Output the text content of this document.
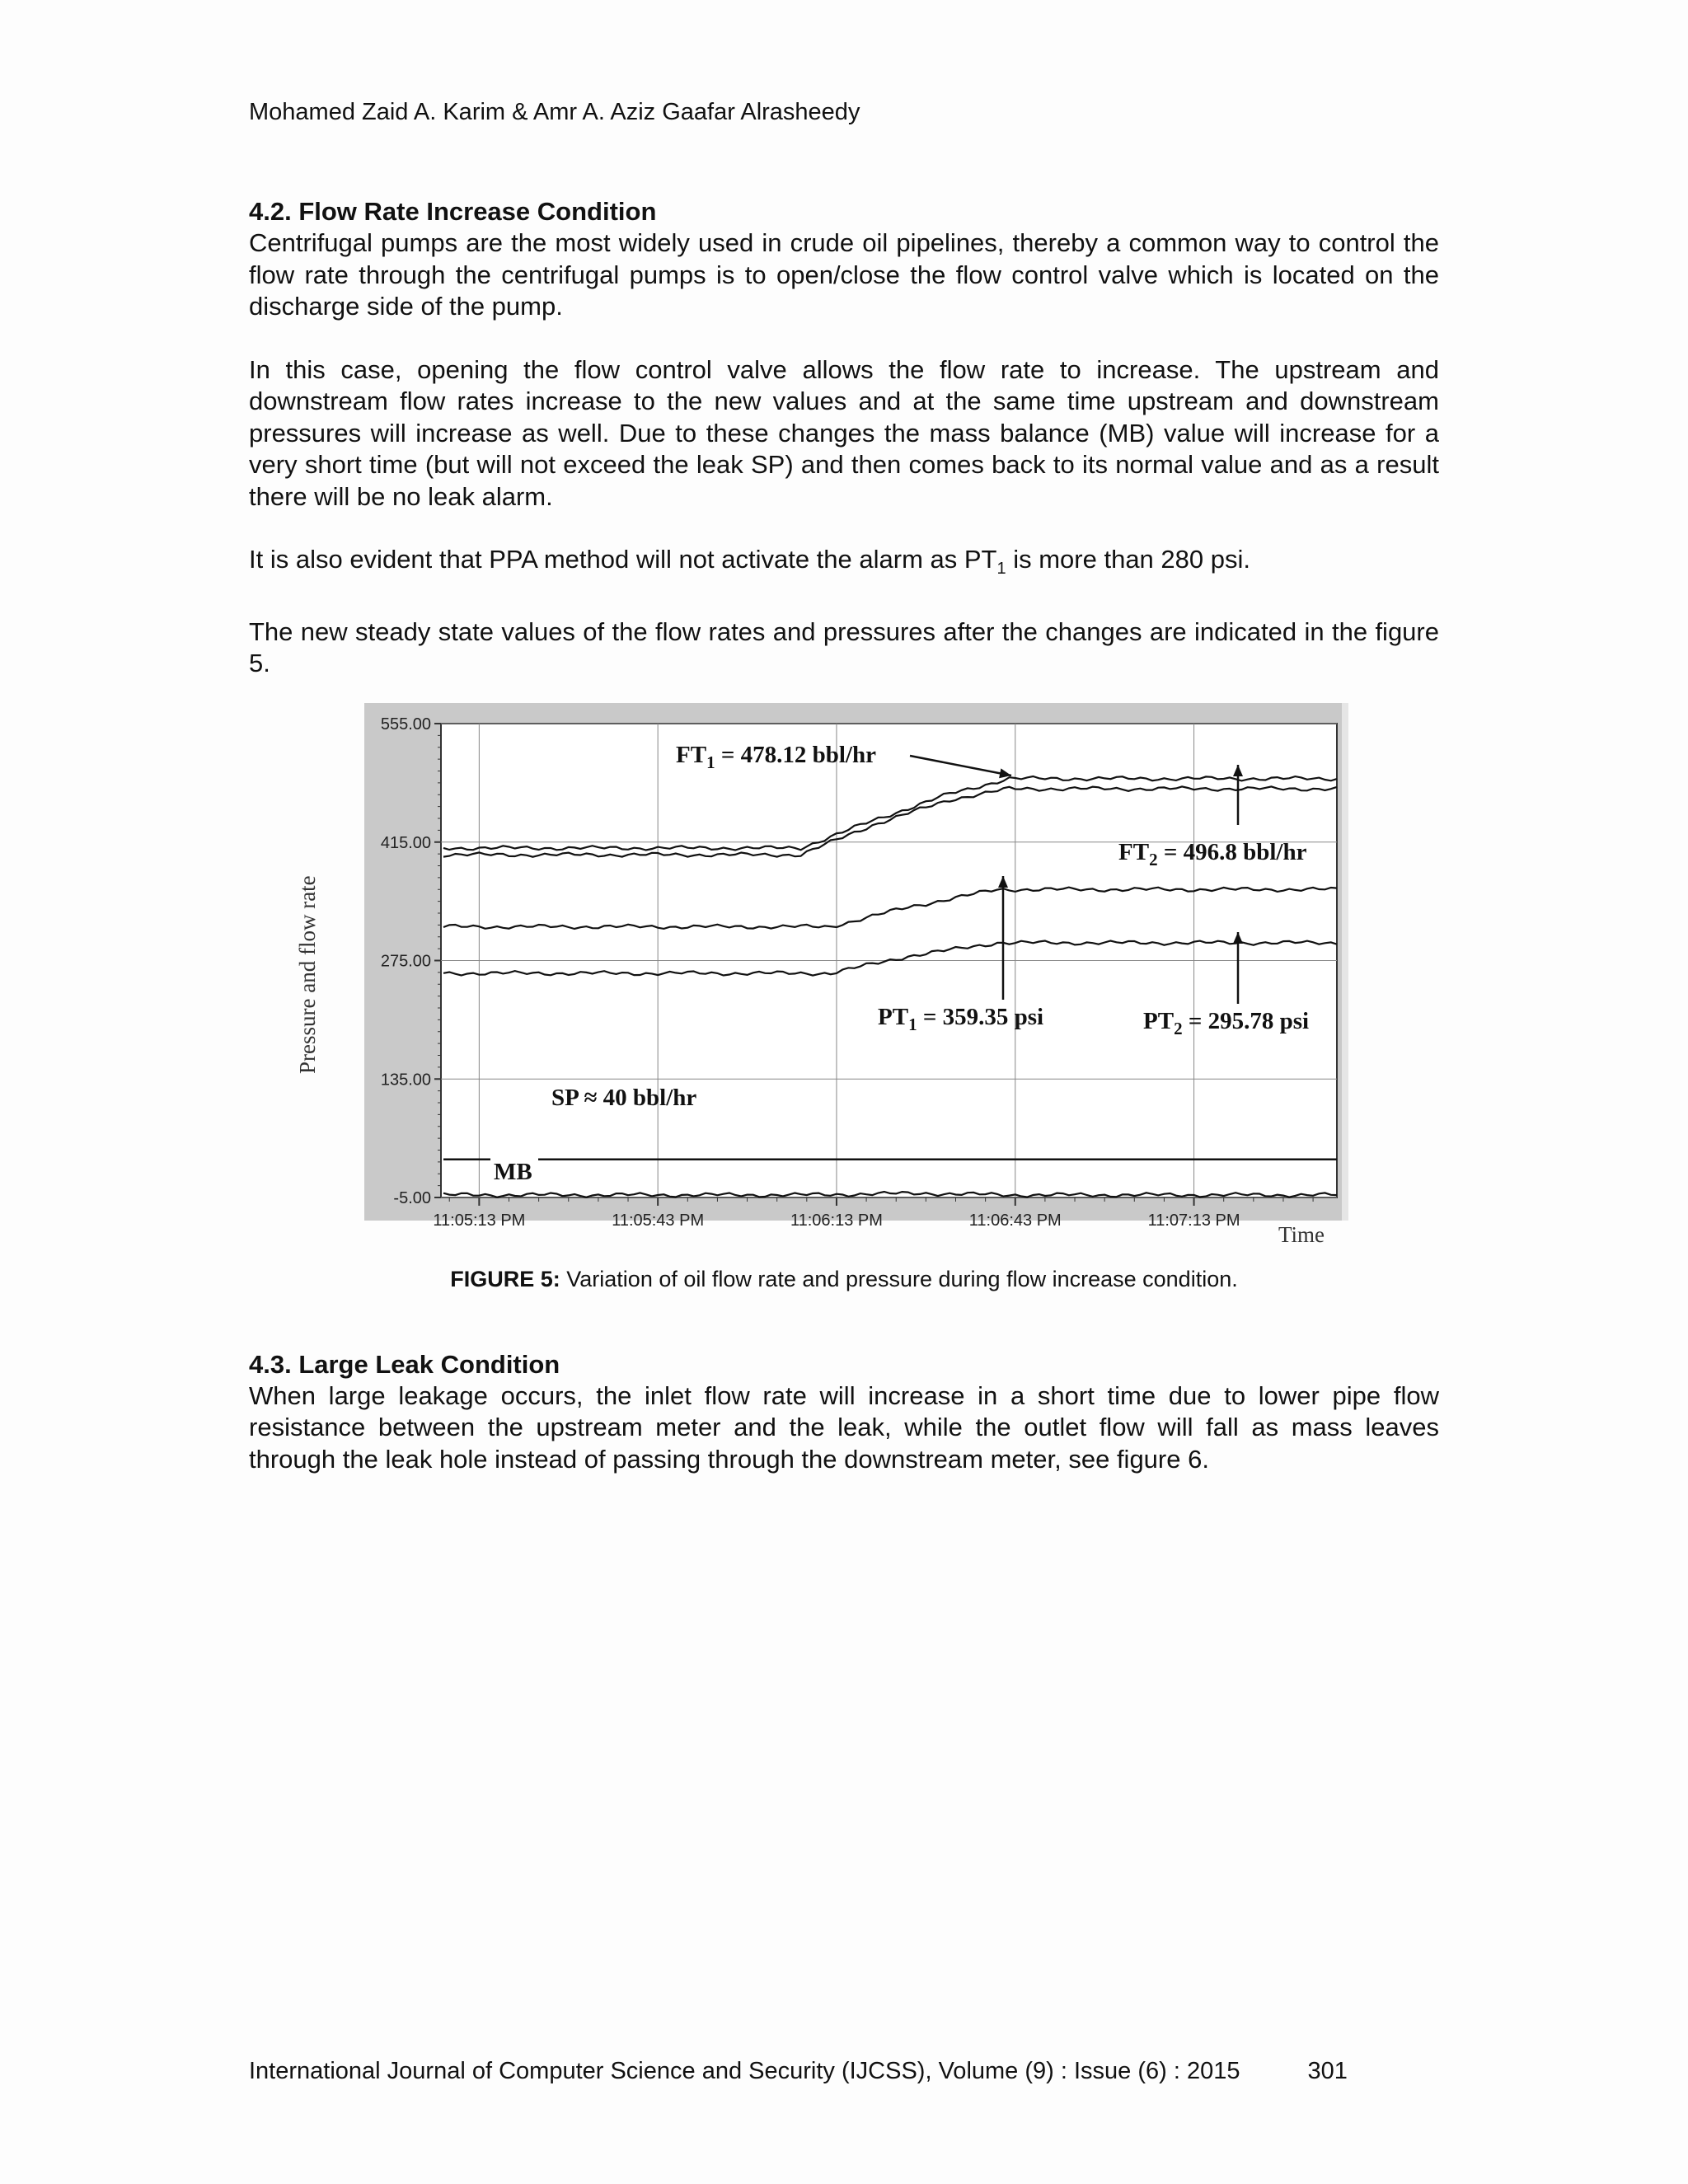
Mohamed Zaid A. Karim & Amr A. Aziz Gaafar Alrasheedy
4.2. Flow Rate Increase Condition

Centrifugal pumps are the most widely used in crude oil pipelines, thereby a common way to control the flow rate through the centrifugal pumps is to open/close the flow control valve which is located on the discharge side of the pump.

In this case, opening the flow control valve allows the flow rate to increase. The upstream and downstream flow rates increase to the new values and at the same time upstream and downstream pressures will increase as well. Due to these changes the mass balance (MB) value will increase for a very short time (but will not exceed the leak SP) and then comes back to its normal value and as a result there will be no leak alarm.

It is also evident that PPA method will not activate the alarm as $PT_1$ is more than 280 psi.

The new steady state values of the flow rates and pressures after the changes are indicated in the figure 5.

555.00
415.00
275.00
135.00
-5.00
11:05:13 PM	11:05:43 PM	11:06:13 PM	11:06:43 PM	11:07:13 PM
$FT_1 = 478.12$ bbl/hr
$FT_2 = 496.8$ bbl/hr
$PT_1 = 359.35$ psi	$PT_2 = 295.78$ psi
SP ≈ 40 bbl/hr
MB
Pressure and flow rate
Time
FIGURE 5: Variation of oil flow rate and pressure during flow increase condition.
4.3. Large Leak Condition

When large leakage occurs, the inlet flow rate will increase in a short time due to lower pipe flow resistance between the upstream meter and the leak, while the outlet flow will fall as mass leaves through the leak hole instead of passing through the downstream meter, see figure 6.

International Journal of Computer Science and Security (IJCSS), Volume (9) : Issue (6) : 2015	301
